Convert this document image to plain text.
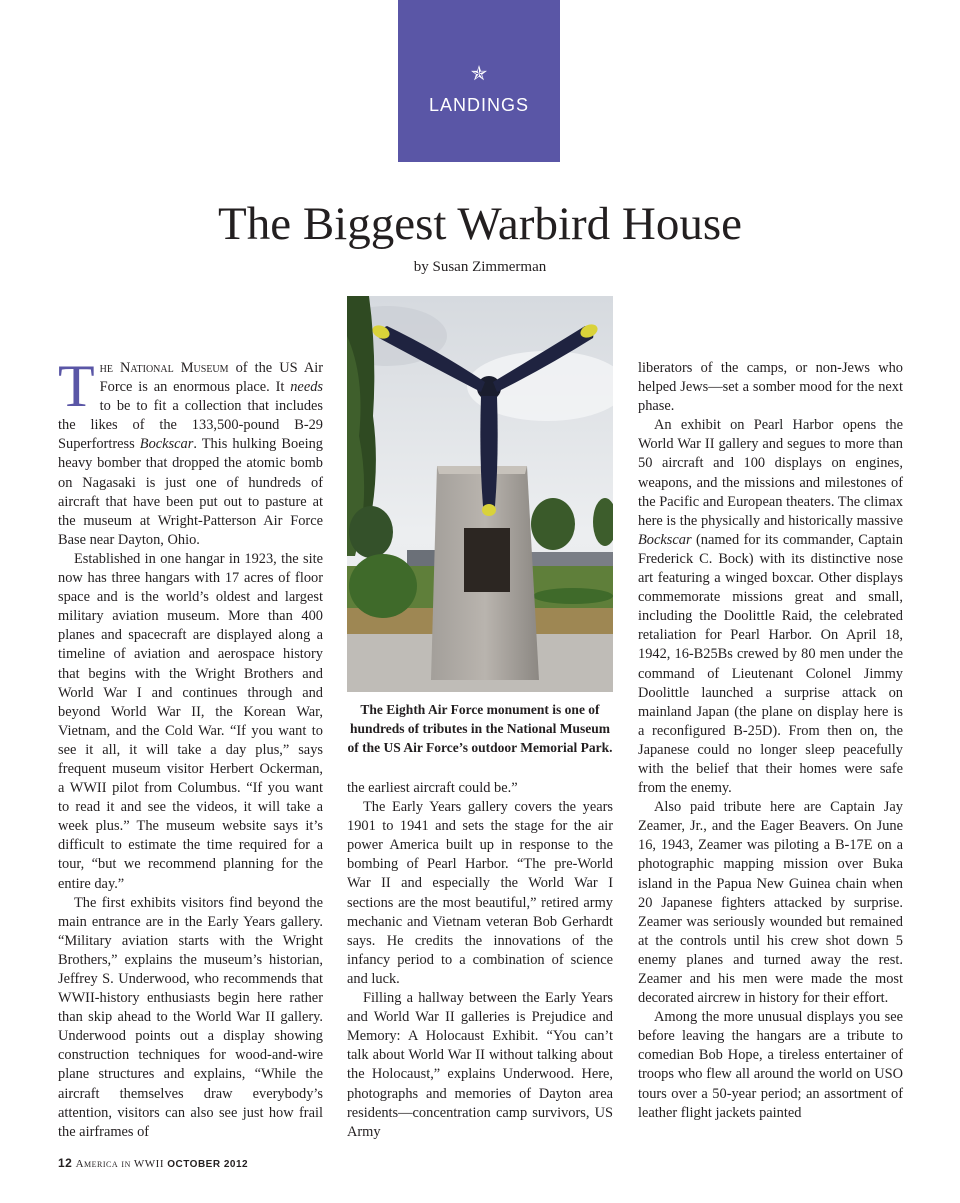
✯
LANDINGS
The Biggest Warbird House
by Susan Zimmerman
The Eighth Air Force monument is one of hundreds of tributes in the National Museum of the US Air Force’s outdoor Memorial Park.

The National Museum of the US Air Force is an enormous place. It needs to be to fit a collection that includes the likes of the 133,500-pound B-29 Superfortress Bockscar. This hulking Boeing heavy bomber that dropped the atomic bomb on Nagasaki is just one of hundreds of aircraft that have been put out to pasture at the museum at Wright-Patterson Air Force Base near Dayton, Ohio.

Established in one hangar in 1923, the site now has three hangars with 17 acres of floor space and is the world’s oldest and largest military aviation museum. More than 400 planes and spacecraft are displayed along a timeline of aviation and aerospace history that begins with the Wright Brothers and World War I and continues through and beyond World War II, the Korean War, Vietnam, and the Cold War. “If you want to see it all, it will take a day plus,” says frequent museum visitor Herbert Ockerman, a WWII pilot from Columbus. “If you want to read it and see the videos, it will take a week plus.” The museum website says it’s difficult to estimate the time required for a tour, “but we recommend planning for the entire day.”

The first exhibits visitors find beyond the main entrance are in the Early Years gallery. “Military aviation starts with the Wright Brothers,” explains the museum’s historian, Jeffrey S. Underwood, who recommends that WWII-history enthusiasts begin here rather than skip ahead to the World War II gallery. Underwood points out a display showing construction techniques for wood-and-wire plane structures and explains, “While the aircraft themselves draw everybody’s attention, visitors can also see just how frail the airframes of

the earliest aircraft could be.”

The Early Years gallery covers the years 1901 to 1941 and sets the stage for the air power America built up in response to the bombing of Pearl Harbor. “The pre-World War II and especially the World War I sections are the most beautiful,” retired army mechanic and Vietnam veteran Bob Gerhardt says. He credits the innovations of the infancy period to a combination of science and luck.

Filling a hallway between the Early Years and World War II galleries is Prejudice and Memory: A Holocaust Exhibit. “You can’t talk about World War II without talking about the Holocaust,” explains Underwood. Here, photographs and memories of Dayton area residents—concentration camp survivors, US Army

liberators of the camps, or non-Jews who helped Jews—set a somber mood for the next phase.

An exhibit on Pearl Harbor opens the World War II gallery and segues to more than 50 aircraft and 100 displays on engines, weapons, and the missions and milestones of the Pacific and European theaters. The climax here is the physically and historically massive Bockscar (named for its commander, Captain Frederick C. Bock) with its distinctive nose art featuring a winged boxcar. Other displays commemorate missions great and small, including the Doolittle Raid, the celebrated retaliation for Pearl Harbor. On April 18, 1942, 16-B25Bs crewed by 80 men under the command of Lieutenant Colonel Jimmy Doolittle launched a surprise attack on mainland Japan (the plane on display here is a reconfigured B-25D). From then on, the Japanese could no longer sleep peacefully with the belief that their homes were safe from the enemy.

Also paid tribute here are Captain Jay Zeamer, Jr., and the Eager Beavers. On June 16, 1943, Zeamer was piloting a B-17E on a photographic mapping mission over Buka island in the Papua New Guinea chain when 20 Japanese fighters attacked by surprise. Zeamer was seriously wounded but remained at the controls until his crew shot down 5 enemy planes and turned away the rest. Zeamer and his men were made the most decorated aircrew in history for their effort.

Among the more unusual displays you see before leaving the hangars are a tribute to comedian Bob Hope, a tireless entertainer of troops who flew all around the world on USO tours over a 50-year period; an assortment of leather flight jackets painted

12 America in WWII OCTOBER 2012
